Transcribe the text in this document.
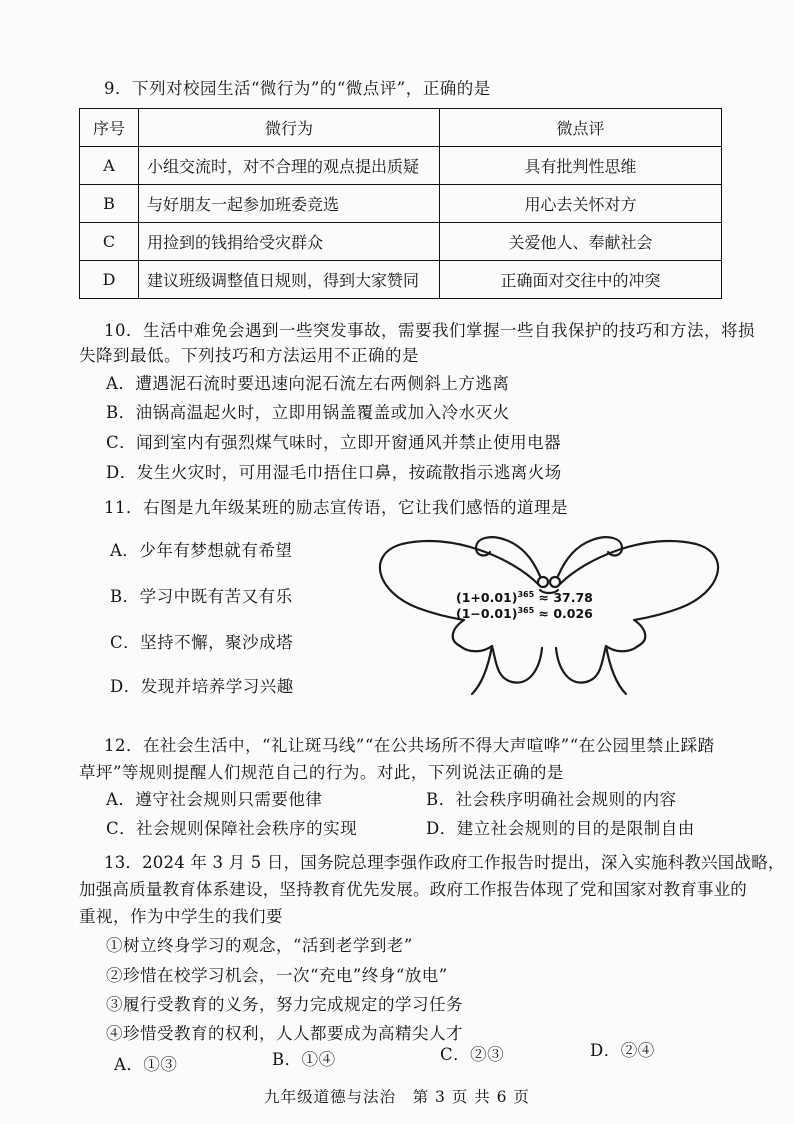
9．下列对校园生活“微行为”的“微点评”，正确的是
序号	微行为	微点评
A	小组交流时，对不合理的观点提出质疑	具有批判性思维
B	与好朋友一起参加班委竞选	用心去关怀对方
C	用捡到的钱捐给受灾群众	关爱他人、奉献社会
D	建议班级调整值日规则，得到大家赞同	正确面对交往中的冲突
10．生活中难免会遇到一些突发事故，需要我们掌握一些自我保护的技巧和方法，将损
失降到最低。下列技巧和方法运用不正确的是
A．遭遇泥石流时要迅速向泥石流左右两侧斜上方逃离
B．油锅高温起火时，立即用锅盖覆盖或加入冷水灭火
C．闻到室内有强烈煤气味时，立即开窗通风并禁止使用电器
D．发生火灾时，可用湿毛巾捂住口鼻，按疏散指示逃离火场
11．右图是九年级某班的励志宣传语，它让我们感悟的道理是
A．少年有梦想就有希望
B．学习中既有苦又有乐
C．坚持不懈，聚沙成塔
D．发现并培养学习兴趣
$(1+0.01)^{365} \approx 37.78$
$(1-0.01)^{365} \approx 0.026$
12．在社会生活中，“礼让斑马线”“在公共场所不得大声喧哗”“在公园里禁止踩踏
草坪”等规则提醒人们规范自己的行为。对此，下列说法正确的是
A．遵守社会规则只需要他律	B．社会秩序明确社会规则的内容
C．社会规则保障社会秩序的实现	D．建立社会规则的目的是限制自由
13．2024 年 3 月 5 日，国务院总理李强作政府工作报告时提出，深入实施科教兴国战略，
加强高质量教育体系建设，坚持教育优先发展。政府工作报告体现了党和国家对教育事业的
重视，作为中学生的我们要
①树立终身学习的观念，“活到老学到老”
②珍惜在校学习机会，一次“充电”终身“放电”
③履行受教育的义务，努力完成规定的学习任务
④珍惜受教育的权利，人人都要成为高精尖人才
A．①③	B．①④	C．②③	D．②④
九年级道德与法治　第 3 页 共 6 页
